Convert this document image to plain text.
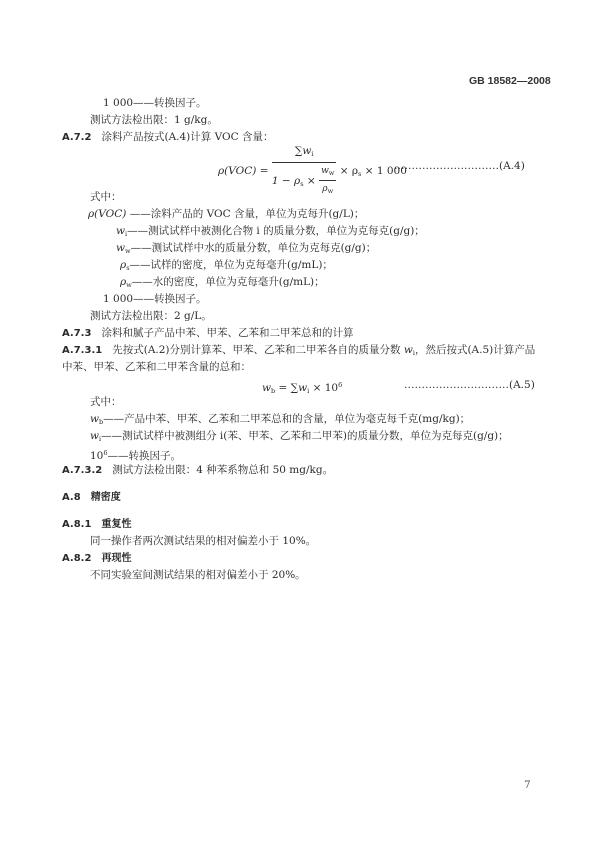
GB 18582—2008
1 000——转换因子。
测试方法检出限：1 g/kg。
A.7.2 涂料产品按式(A.4)计算 VOC 含量：
$\rho(VOC) = \frac{\sum w_i}{1 - \rho_s \times \frac{w_w}{\rho_w}} \times \rho_s \times 1$ 000
…………………………(A.4)
式中：
ρ(VOC) ——涂料产品的 VOC 含量，单位为克每升(g/L)；
$w_i——$测试试样中被测化合物 i 的质量分数，单位为克每克(g/g)；
$w_w——$测试试样中水的质量分数，单位为克每克(g/g)；
$\rho_s——$试样的密度，单位为克每毫升(g/mL)；
$\rho_w——$水的密度，单位为克每毫升(g/mL)；
1 000——转换因子。
测试方法检出限：2 g/L。
A.7.3 涂料和腻子产品中苯、甲苯、乙苯和二甲苯总和的计算
A.7.3.1 先按式(A.2)分别计算苯、甲苯、乙苯和二甲苯各自的质量分数 $w_i$，然后按式(A.5)计算产品
中苯、甲苯、乙苯和二甲苯含量的总和：
$w_b = \sum w_i \times 10^6$	…………………………(A.5)
式中：
$w_b——$产品中苯、甲苯、乙苯和二甲苯总和的含量，单位为毫克每千克(mg/kg)；
$w_i——$测试试样中被测组分 i(苯、甲苯、乙苯和二甲苯)的质量分数，单位为克每克(g/g)；
$10^6——$转换因子。
A.7.3.2 测试方法检出限：4 种苯系物总和 50 mg/kg。
A.8 精密度
A.8.1 重复性
同一操作者两次测试结果的相对偏差小于 10%。
A.8.2 再现性
不同实验室间测试结果的相对偏差小于 20%。
7
